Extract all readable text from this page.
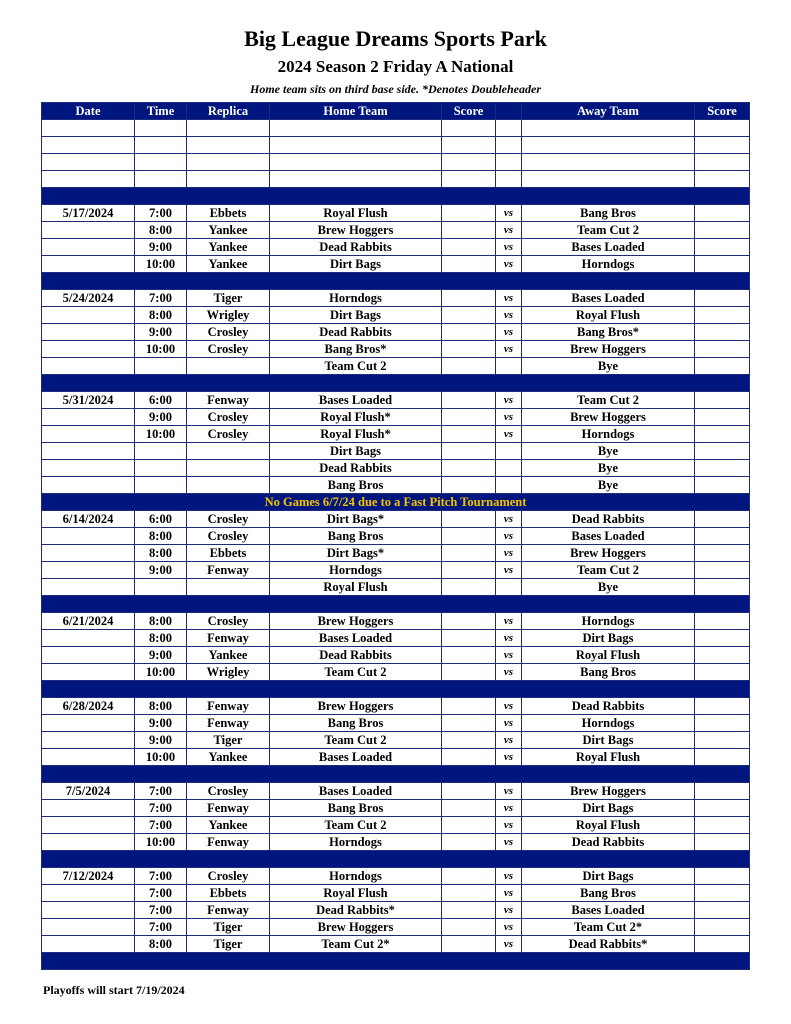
Big League Dreams Sports Park
2024 Season 2 Friday A National
Home team sits on third base side. *Denotes Doubleheader
Date	Time	Replica	Home Team	Score		Away Team	Score

5/17/2024	7:00	Ebbets	Royal Flush		vs	Bang Bros	
	8:00	Yankee	Brew Hoggers		vs	Team Cut 2	
	9:00	Yankee	Dead Rabbits		vs	Bases Loaded	
	10:00	Yankee	Dirt Bags		vs	Horndogs	

5/24/2024	7:00	Tiger	Horndogs		vs	Bases Loaded	
	8:00	Wrigley	Dirt Bags		vs	Royal Flush	
	9:00	Crosley	Dead Rabbits		vs	Bang Bros*	
	10:00	Crosley	Bang Bros*		vs	Brew Hoggers	
			Team Cut 2			Bye	

5/31/2024	6:00	Fenway	Bases Loaded		vs	Team Cut 2	
	9:00	Crosley	Royal Flush*		vs	Brew Hoggers	
	10:00	Crosley	Royal Flush*		vs	Horndogs	
			Dirt Bags			Bye	
			Dead Rabbits			Bye	
			Bang Bros			Bye	
No Games 6/7/24 due to a Fast Pitch Tournament							
6/14/2024	6:00	Crosley	Dirt Bags*		vs	Dead Rabbits	
	8:00	Crosley	Bang Bros		vs	Bases Loaded	
	8:00	Ebbets	Dirt Bags*		vs	Brew Hoggers	
	9:00	Fenway	Horndogs		vs	Team Cut 2	
			Royal Flush			Bye	

6/21/2024	8:00	Crosley	Brew Hoggers		vs	Horndogs	
	8:00	Fenway	Bases Loaded		vs	Dirt Bags	
	9:00	Yankee	Dead Rabbits		vs	Royal Flush	
	10:00	Wrigley	Team Cut 2		vs	Bang Bros	

6/28/2024	8:00	Fenway	Brew Hoggers		vs	Dead Rabbits	
	9:00	Fenway	Bang Bros		vs	Horndogs	
	9:00	Tiger	Team Cut 2		vs	Dirt Bags	
	10:00	Yankee	Bases Loaded		vs	Royal Flush	

7/5/2024	7:00	Crosley	Bases Loaded		vs	Brew Hoggers	
	7:00	Fenway	Bang Bros		vs	Dirt Bags	
	7:00	Yankee	Team Cut 2		vs	Royal Flush	
	10:00	Fenway	Horndogs		vs	Dead Rabbits	

7/12/2024	7:00	Crosley	Horndogs		vs	Dirt Bags	
	7:00	Ebbets	Royal Flush		vs	Bang Bros	
	7:00	Fenway	Dead Rabbits*		vs	Bases Loaded	
	7:00	Tiger	Brew Hoggers		vs	Team Cut 2*	
	8:00	Tiger	Team Cut 2*		vs	Dead Rabbits*	

Playoffs will start 7/19/2024
